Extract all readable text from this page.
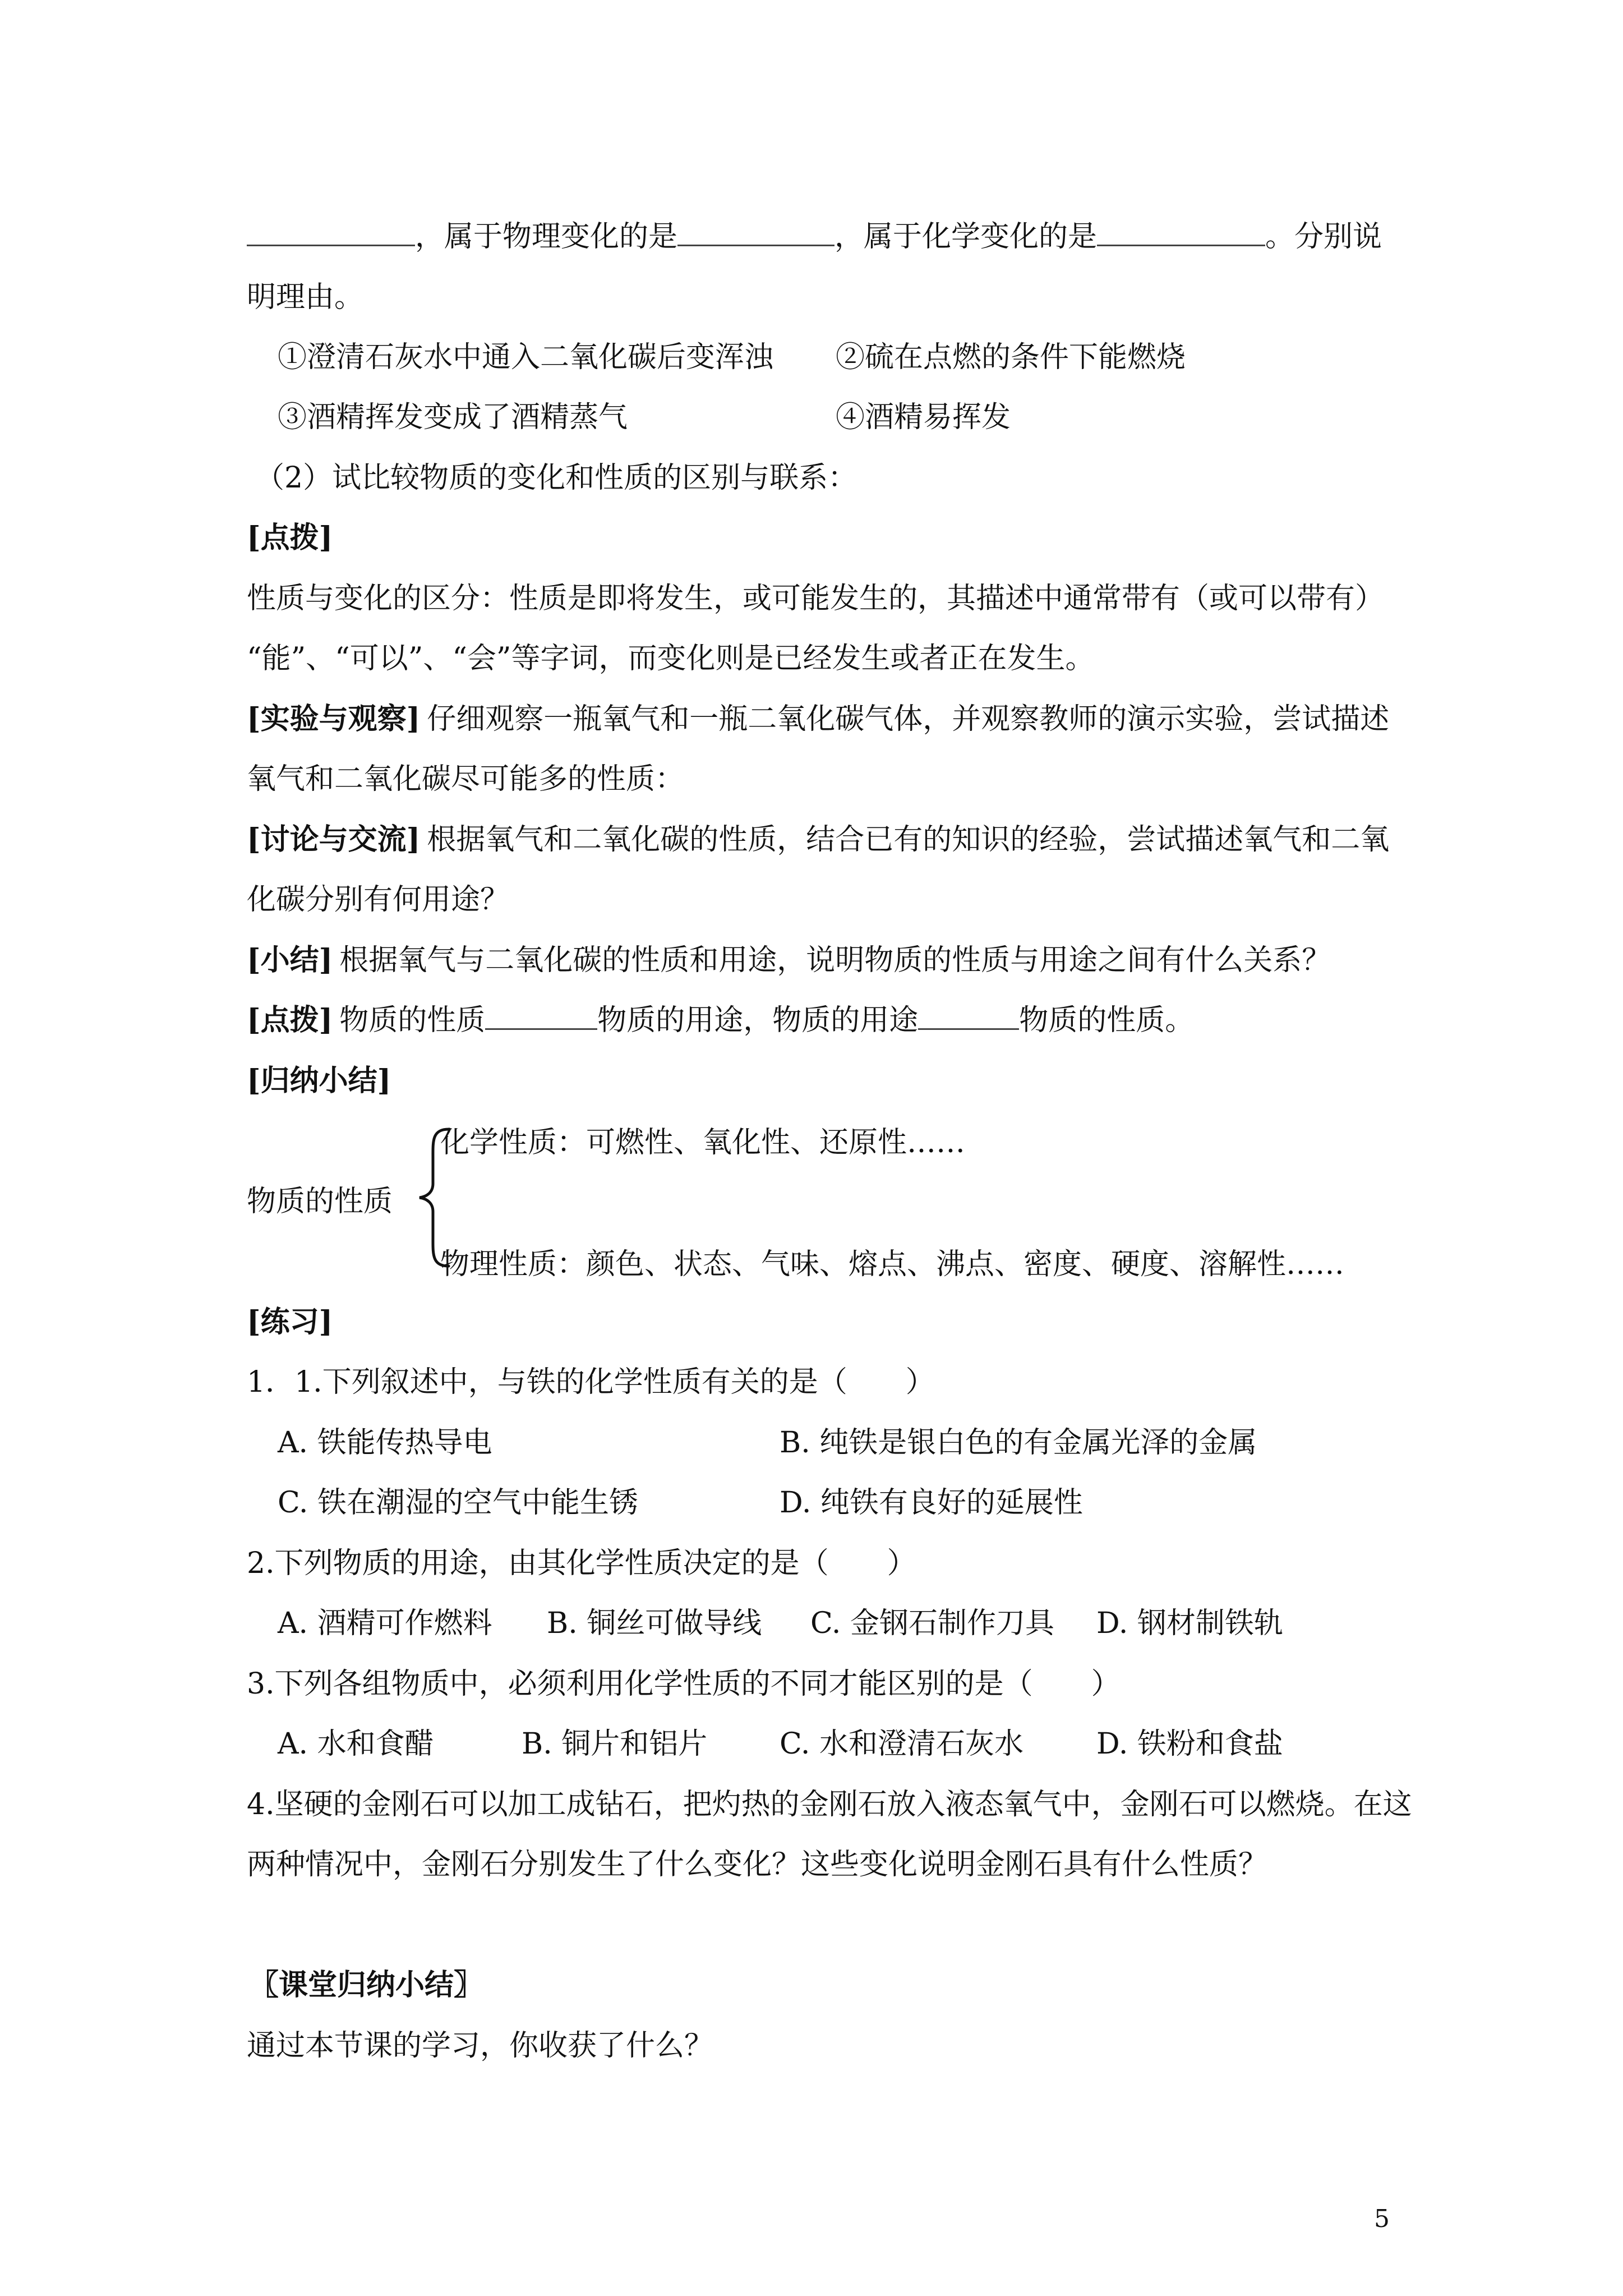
，属于物理变化的是	，属于化学变化的是	。分别说
明理由。
①澄清石灰水中通入二氧化碳后变浑浊 ②硫在点燃的条件下能燃烧
③酒精挥发变成了酒精蒸气	④酒精易挥发
（2）试比较物质的变化和性质的区别与联系：
[点拨]
性质与变化的区分：性质是即将发生，或可能发生的，其描述中通常带有（或可以带有）
“能”、“可以”、“会”等字词，而变化则是已经发生或者正在发生。
[实验与观察] 仔细观察一瓶氧气和一瓶二氧化碳气体，并观察教师的演示实验，尝试描述
氧气和二氧化碳尽可能多的性质：
[讨论与交流] 根据氧气和二氧化碳的性质，结合已有的知识的经验，尝试描述氧气和二氧
化碳分别有何用途？
[小结] 根据氧气与二氧化碳的性质和用途，说明物质的性质与用途之间有什么关系？
[点拨] 物质的性质	物质的用途，物质的用途	物质的性质。
[归纳小结]
化学性质：可燃性、氧化性、还原性……
物质的性质
物理性质：颜色、状态、气味、熔点、沸点、密度、硬度、溶解性……
[练习]
1．1.下列叙述中，与铁的化学性质有关的是（　　）
A. 铁能传热导电	B. 纯铁是银白色的有金属光泽的金属
C. 铁在潮湿的空气中能生锈	D. 纯铁有良好的延展性
2.下列物质的用途，由其化学性质决定的是（　　）
A. 酒精可作燃料 B. 铜丝可做导线 C. 金钢石制作刀具 D. 钢材制铁轨
3.下列各组物质中，必须利用化学性质的不同才能区别的是（　　）
A. 水和食醋	B. 铜片和铝片 C. 水和澄清石灰水	D. 铁粉和食盐
4.坚硬的金刚石可以加工成钻石，把灼热的金刚石放入液态氧气中，金刚石可以燃烧。在这
两种情况中，金刚石分别发生了什么变化？这些变化说明金刚石具有什么性质？
〖课堂归纳小结〗
通过本节课的学习，你收获了什么？
5
